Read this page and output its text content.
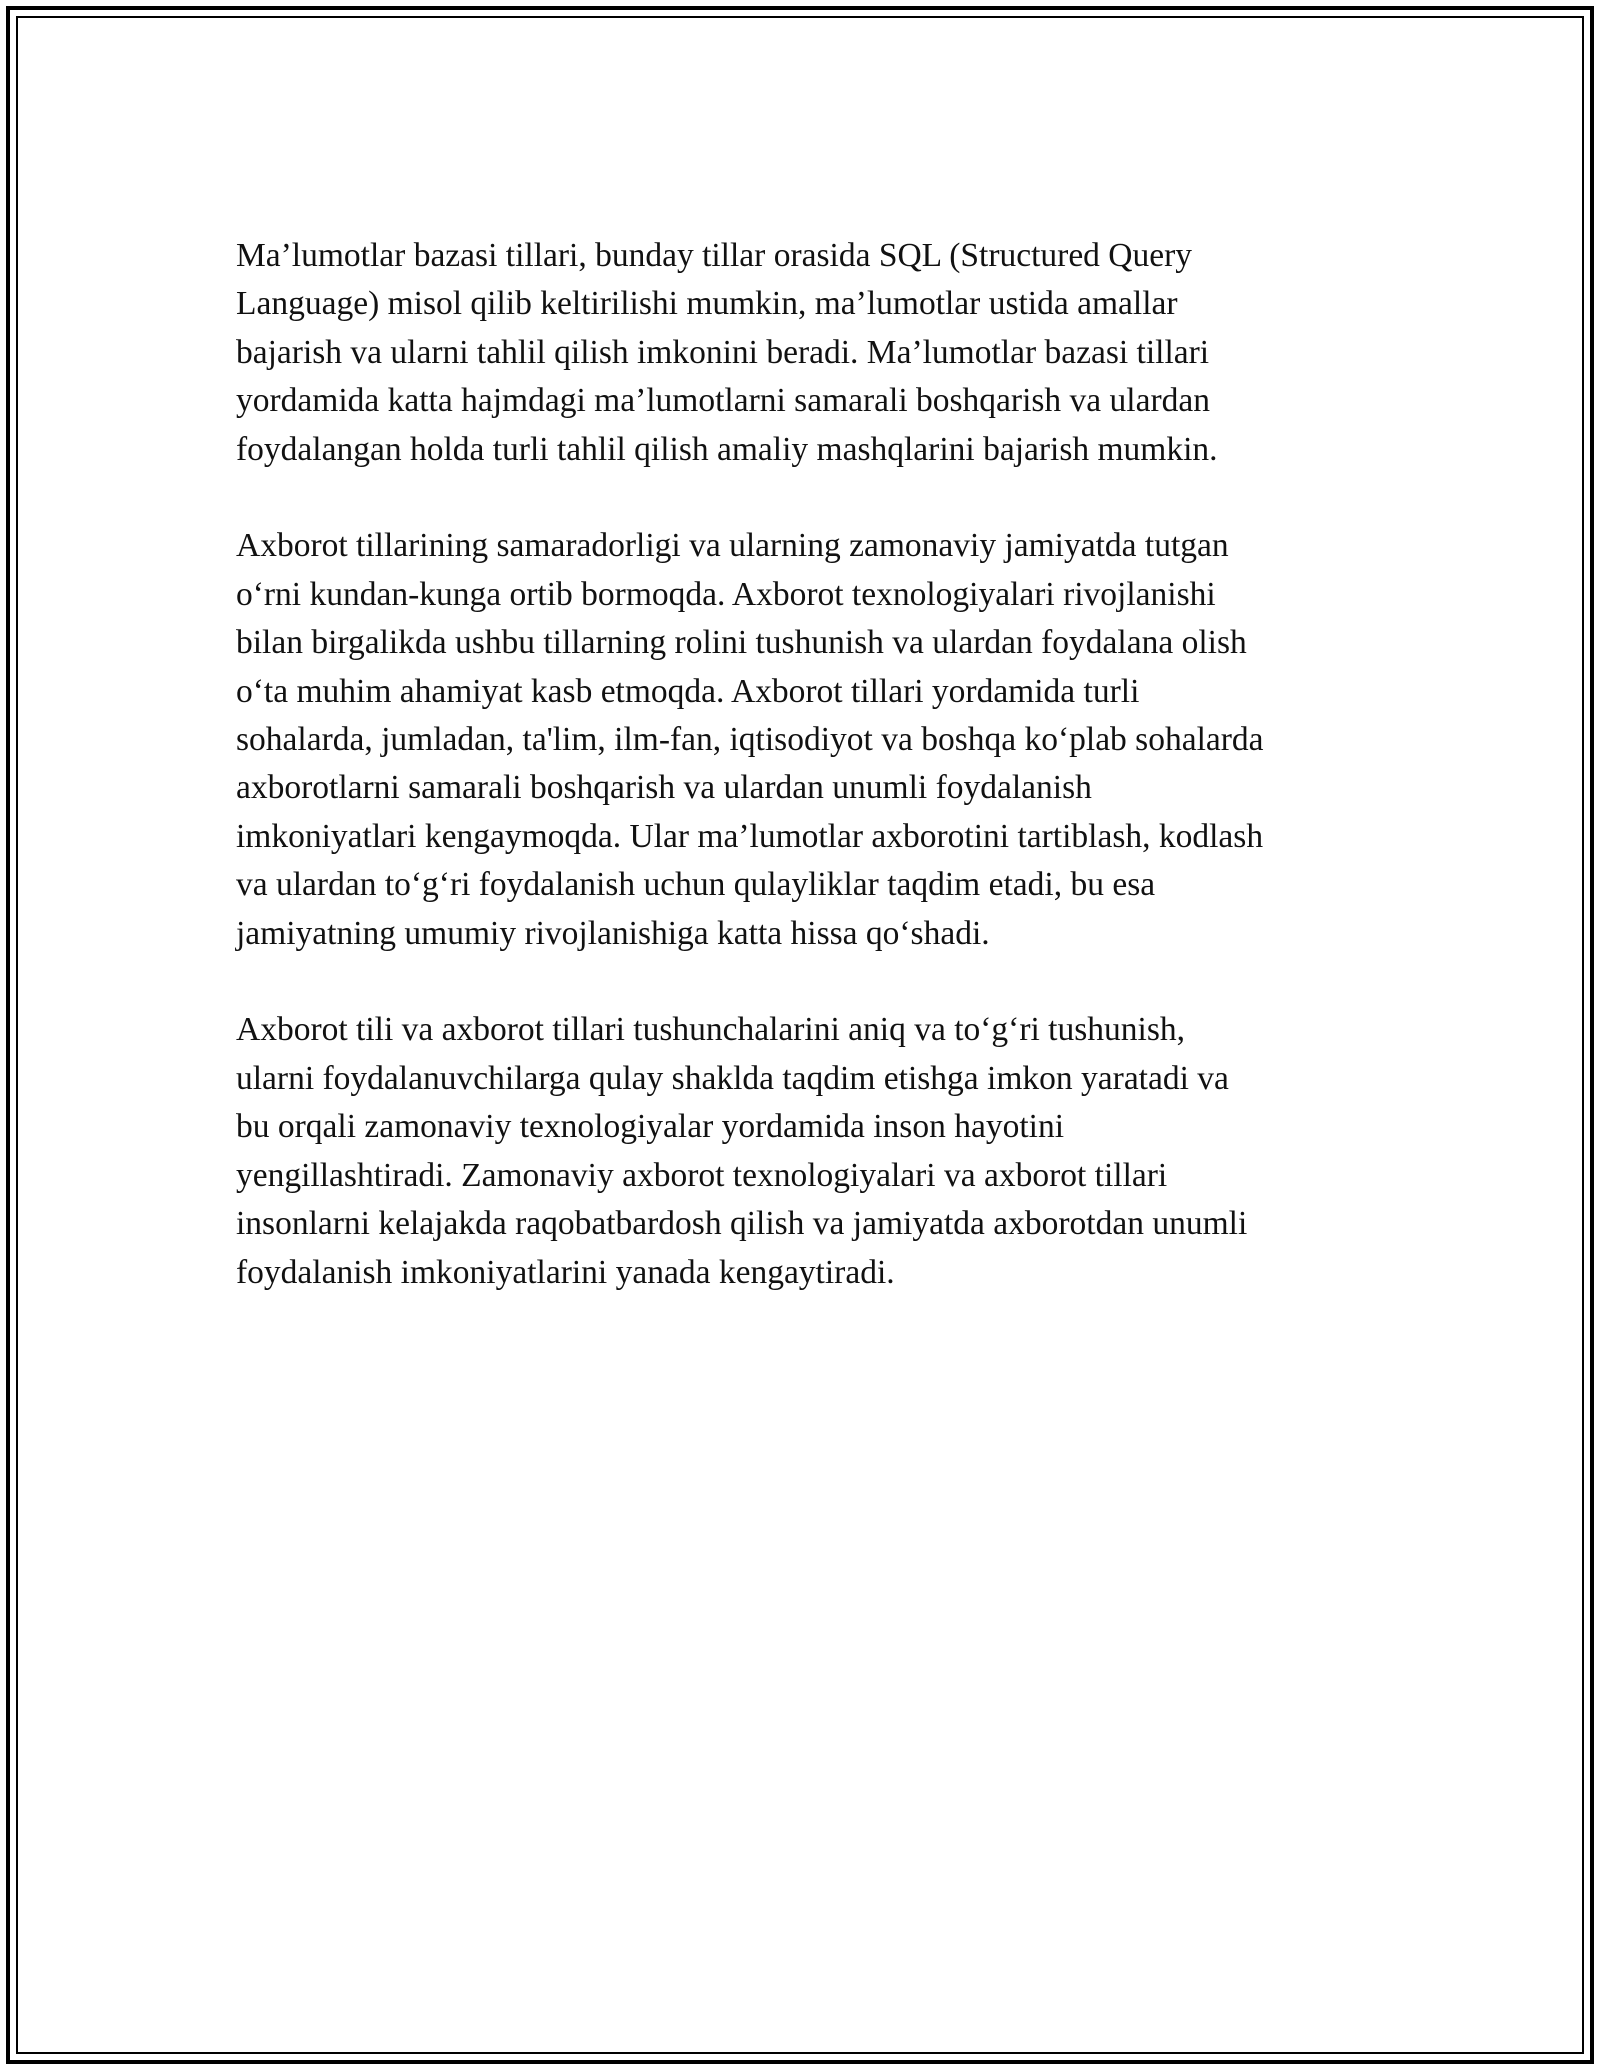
Ma’lumotlar bazasi tillari, bunday tillar orasida SQL (Structured Query
Language) misol qilib keltirilishi mumkin, ma’lumotlar ustida amallar
bajarish va ularni tahlil qilish imkonini beradi. Ma’lumotlar bazasi tillari
yordamida katta hajmdagi ma’lumotlarni samarali boshqarish va ulardan
foydalangan holda turli tahlil qilish amaliy mashqlarini bajarish mumkin.

Axborot tillarining samaradorligi va ularning zamonaviy jamiyatda tutgan
o‘rni kundan-kunga ortib bormoqda. Axborot texnologiyalari rivojlanishi
bilan birgalikda ushbu tillarning rolini tushunish va ulardan foydalana olish
o‘ta muhim ahamiyat kasb etmoqda. Axborot tillari yordamida turli
sohalarda, jumladan, ta'lim, ilm-fan, iqtisodiyot va boshqa ko‘plab sohalarda
axborotlarni samarali boshqarish va ulardan unumli foydalanish
imkoniyatlari kengaymoqda. Ular ma’lumotlar axborotini tartiblash, kodlash
va ulardan to‘g‘ri foydalanish uchun qulayliklar taqdim etadi, bu esa
jamiyatning umumiy rivojlanishiga katta hissa qo‘shadi.

Axborot tili va axborot tillari tushunchalarini aniq va to‘g‘ri tushunish,
ularni foydalanuvchilarga qulay shaklda taqdim etishga imkon yaratadi va
bu orqali zamonaviy texnologiyalar yordamida inson hayotini
yengillashtiradi. Zamonaviy axborot texnologiyalari va axborot tillari
insonlarni kelajakda raqobatbardosh qilish va jamiyatda axborotdan unumli
foydalanish imkoniyatlarini yanada kengaytiradi.
